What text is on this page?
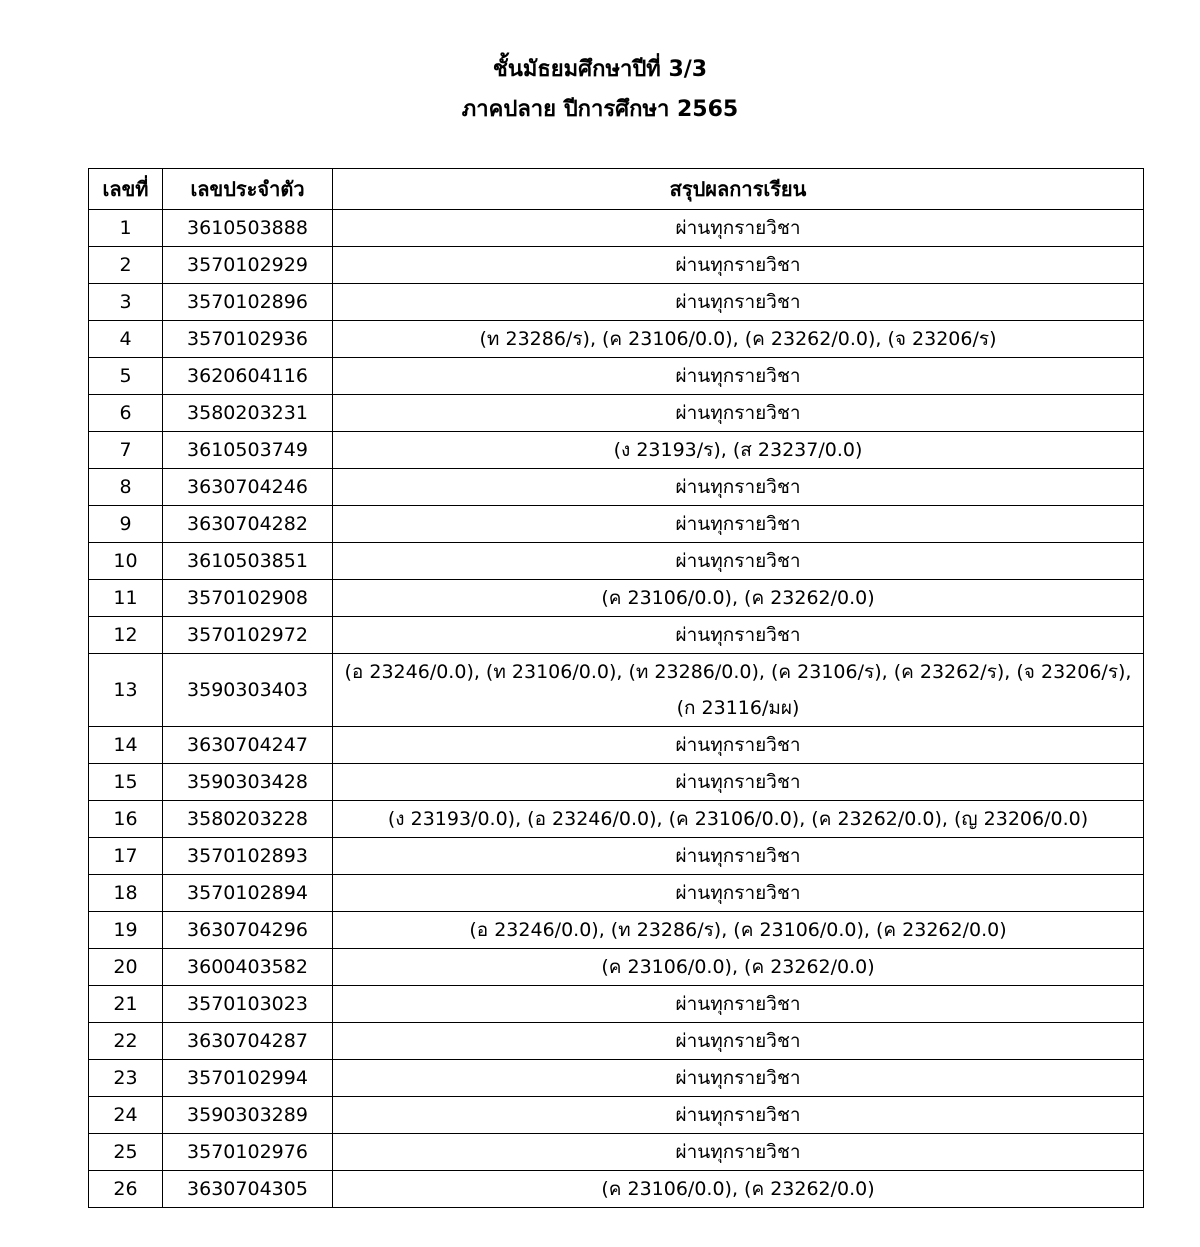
ชั้นมัธยมศึกษาปีที่ 3/3
ภาคปลาย ปีการศึกษา 2565
เลขที่	เลขประจำตัว	สรุปผลการเรียน
1	3610503888	ผ่านทุกรายวิชา
2	3570102929	ผ่านทุกรายวิชา
3	3570102896	ผ่านทุกรายวิชา
4	3570102936	(ท 23286/ร), (ค 23106/0.0), (ค 23262/0.0), (จ 23206/ร)
5	3620604116	ผ่านทุกรายวิชา
6	3580203231	ผ่านทุกรายวิชา
7	3610503749	(ง 23193/ร), (ส 23237/0.0)
8	3630704246	ผ่านทุกรายวิชา
9	3630704282	ผ่านทุกรายวิชา
10	3610503851	ผ่านทุกรายวิชา
11	3570102908	(ค 23106/0.0), (ค 23262/0.0)
12	3570102972	ผ่านทุกรายวิชา
13	3590303403	(อ 23246/0.0), (ท 23106/0.0), (ท 23286/0.0), (ค 23106/ร), (ค 23262/ร), (จ 23206/ร), (ก 23116/มผ)
14	3630704247	ผ่านทุกรายวิชา
15	3590303428	ผ่านทุกรายวิชา
16	3580203228	(ง 23193/0.0), (อ 23246/0.0), (ค 23106/0.0), (ค 23262/0.0), (ญ 23206/0.0)
17	3570102893	ผ่านทุกรายวิชา
18	3570102894	ผ่านทุกรายวิชา
19	3630704296	(อ 23246/0.0), (ท 23286/ร), (ค 23106/0.0), (ค 23262/0.0)
20	3600403582	(ค 23106/0.0), (ค 23262/0.0)
21	3570103023	ผ่านทุกรายวิชา
22	3630704287	ผ่านทุกรายวิชา
23	3570102994	ผ่านทุกรายวิชา
24	3590303289	ผ่านทุกรายวิชา
25	3570102976	ผ่านทุกรายวิชา
26	3630704305	(ค 23106/0.0), (ค 23262/0.0)
